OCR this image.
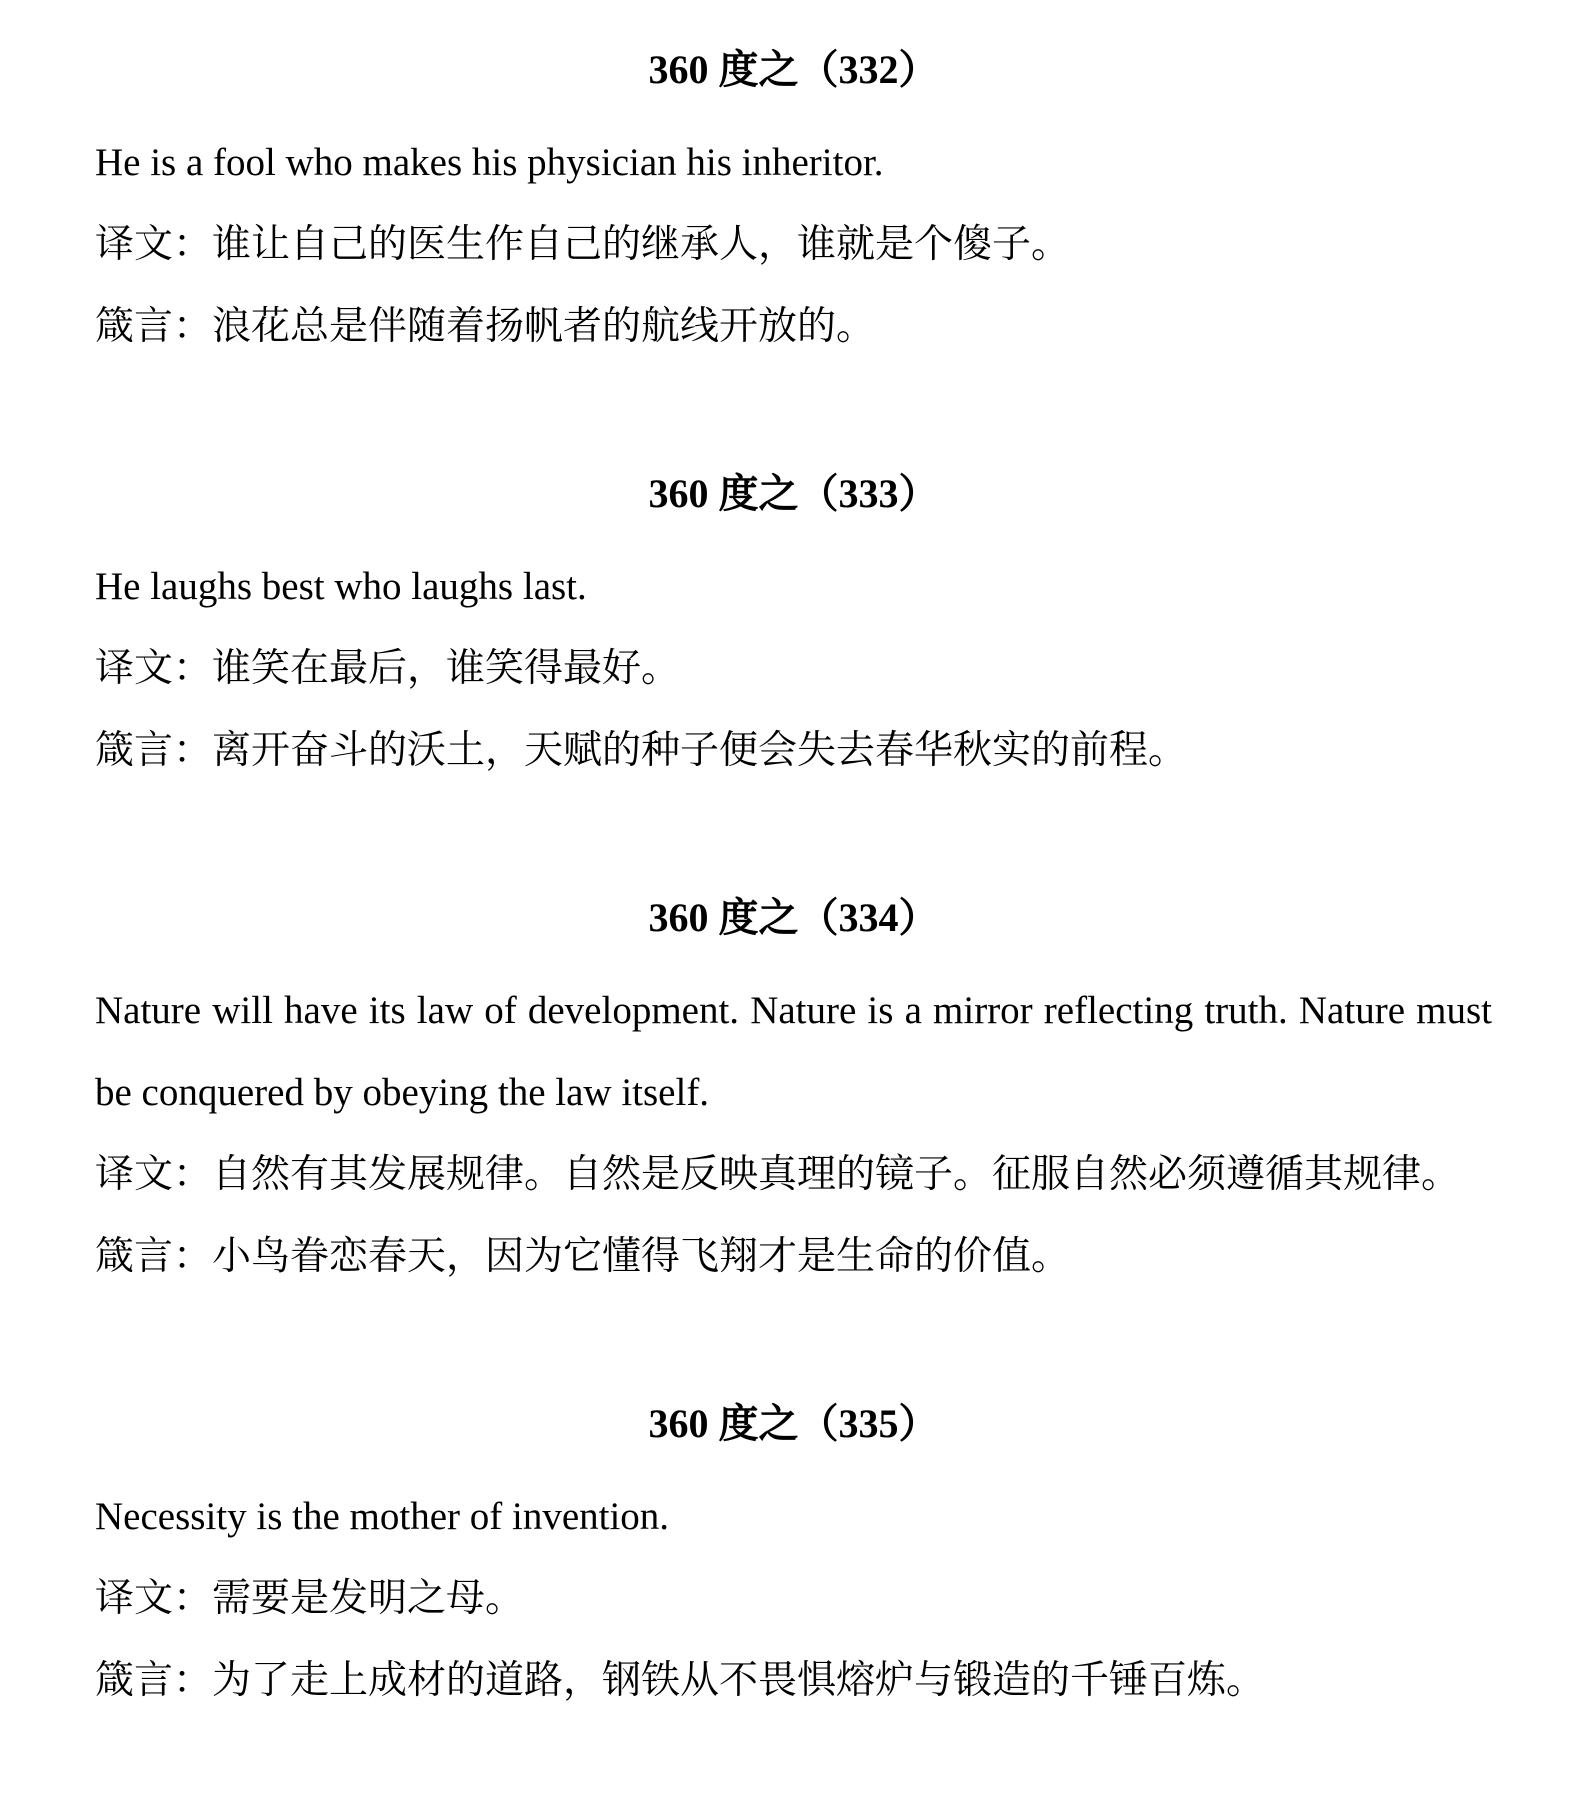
360 度之（332）

He is a fool who makes his physician his inheritor.

译文：谁让自己的医生作自己的继承人，谁就是个傻子。

箴言：浪花总是伴随着扬帆者的航线开放的。

360 度之（333）

He laughs best who laughs last.

译文：谁笑在最后，谁笑得最好。

箴言：离开奋斗的沃土，天赋的种子便会失去春华秋实的前程。

360 度之（334）

Nature will have its law of development. Nature is a mirror reflecting truth. Nature must be conquered by obeying the law itself.

译文：自然有其发展规律。自然是反映真理的镜子。征服自然必须遵循其规律。

箴言：小鸟眷恋春天，因为它懂得飞翔才是生命的价值。

360 度之（335）

Necessity is the mother of invention.

译文：需要是发明之母。

箴言：为了走上成材的道路，钢铁从不畏惧熔炉与锻造的千锤百炼。
